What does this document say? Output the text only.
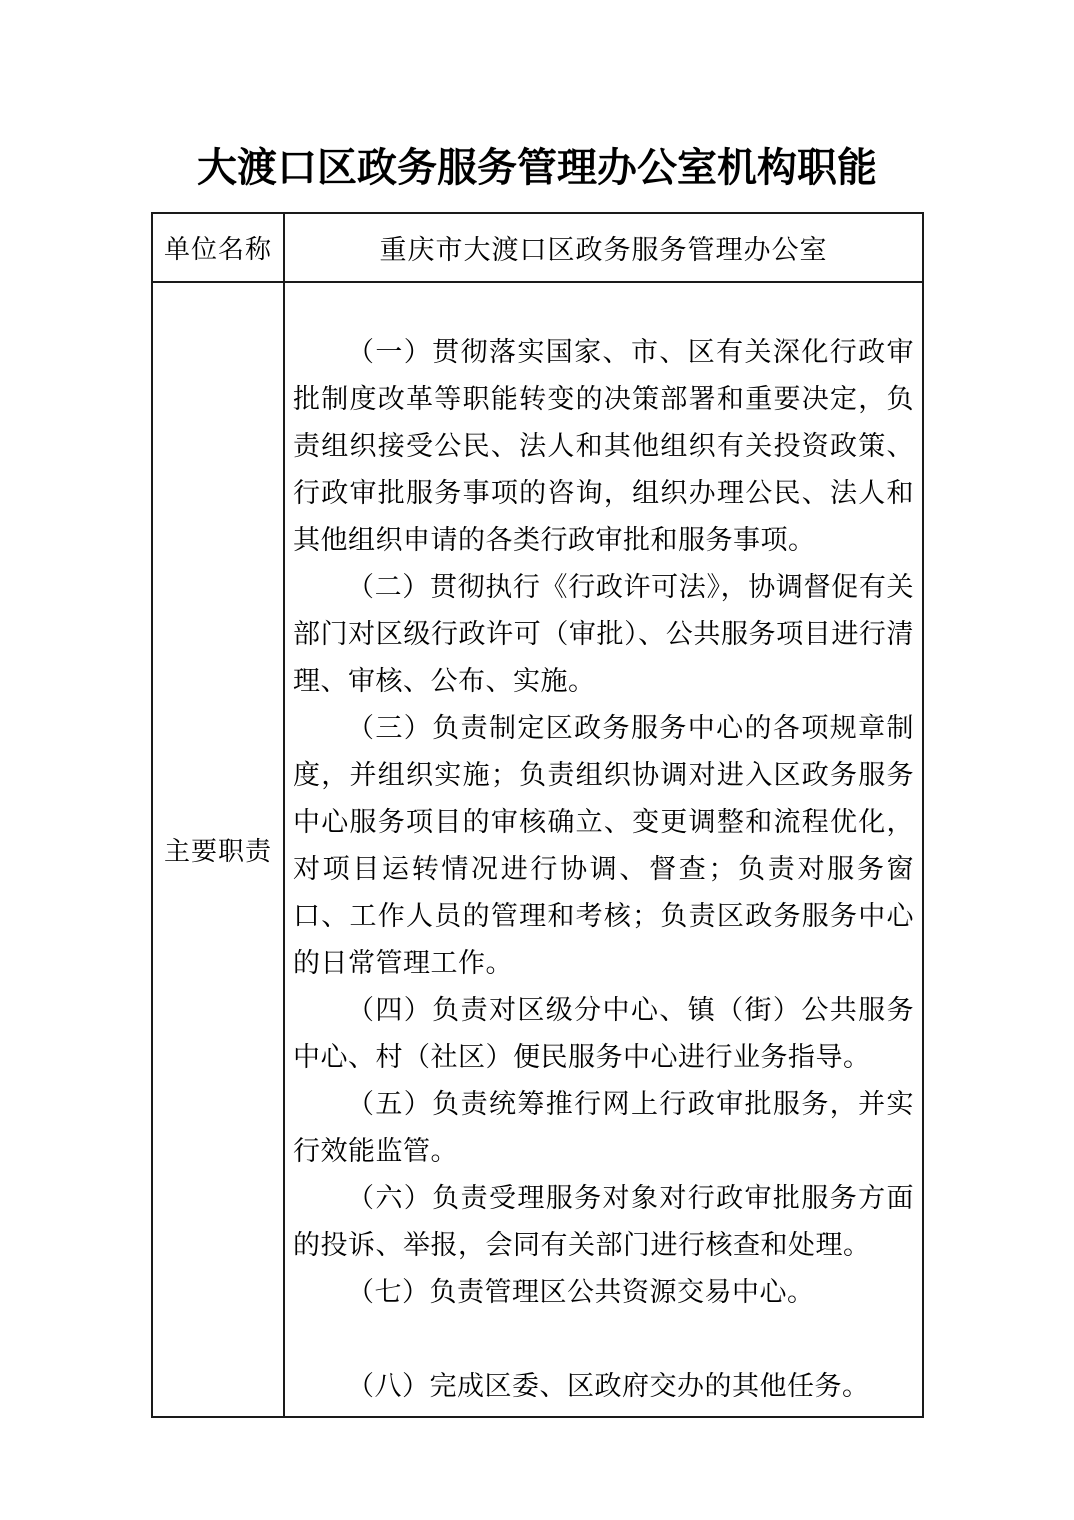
大渡口区政务服务管理办公室机构职能
单位名称	重庆市大渡口区政务服务管理办公室
主要职责	

（一）贯彻落实国家、市、区有关深化行政审批制度改革等职能转变的决策部署和重要决定，负责组织接受公民、法人和其他组织有关投资政策、行政审批服务事项的咨询，组织办理公民、法人和其他组织申请的各类行政审批和服务事项。

（二）贯彻执行《行政许可法》，协调督促有关部门对区级行政许可（审批）、公共服务项目进行清理、审核、公布、实施。

（三）负责制定区政务服务中心的各项规章制度，并组织实施；负责组织协调对进入区政务服务中心服务项目的审核确立、变更调整和流程优化，对项目运转情况进行协调、督查；负责对服务窗口、工作人员的管理和考核；负责区政务服务中心的日常管理工作。

（四）负责对区级分中心、镇（街）公共服务中心、村（社区）便民服务中心进行业务指导。

（五）负责统筹推行网上行政审批服务，并实行效能监管。

（六）负责受理服务对象对行政审批服务方面的投诉、举报，会同有关部门进行核查和处理。

（七）负责管理区公共资源交易中心。

（八）完成区委、区政府交办的其他任务。
